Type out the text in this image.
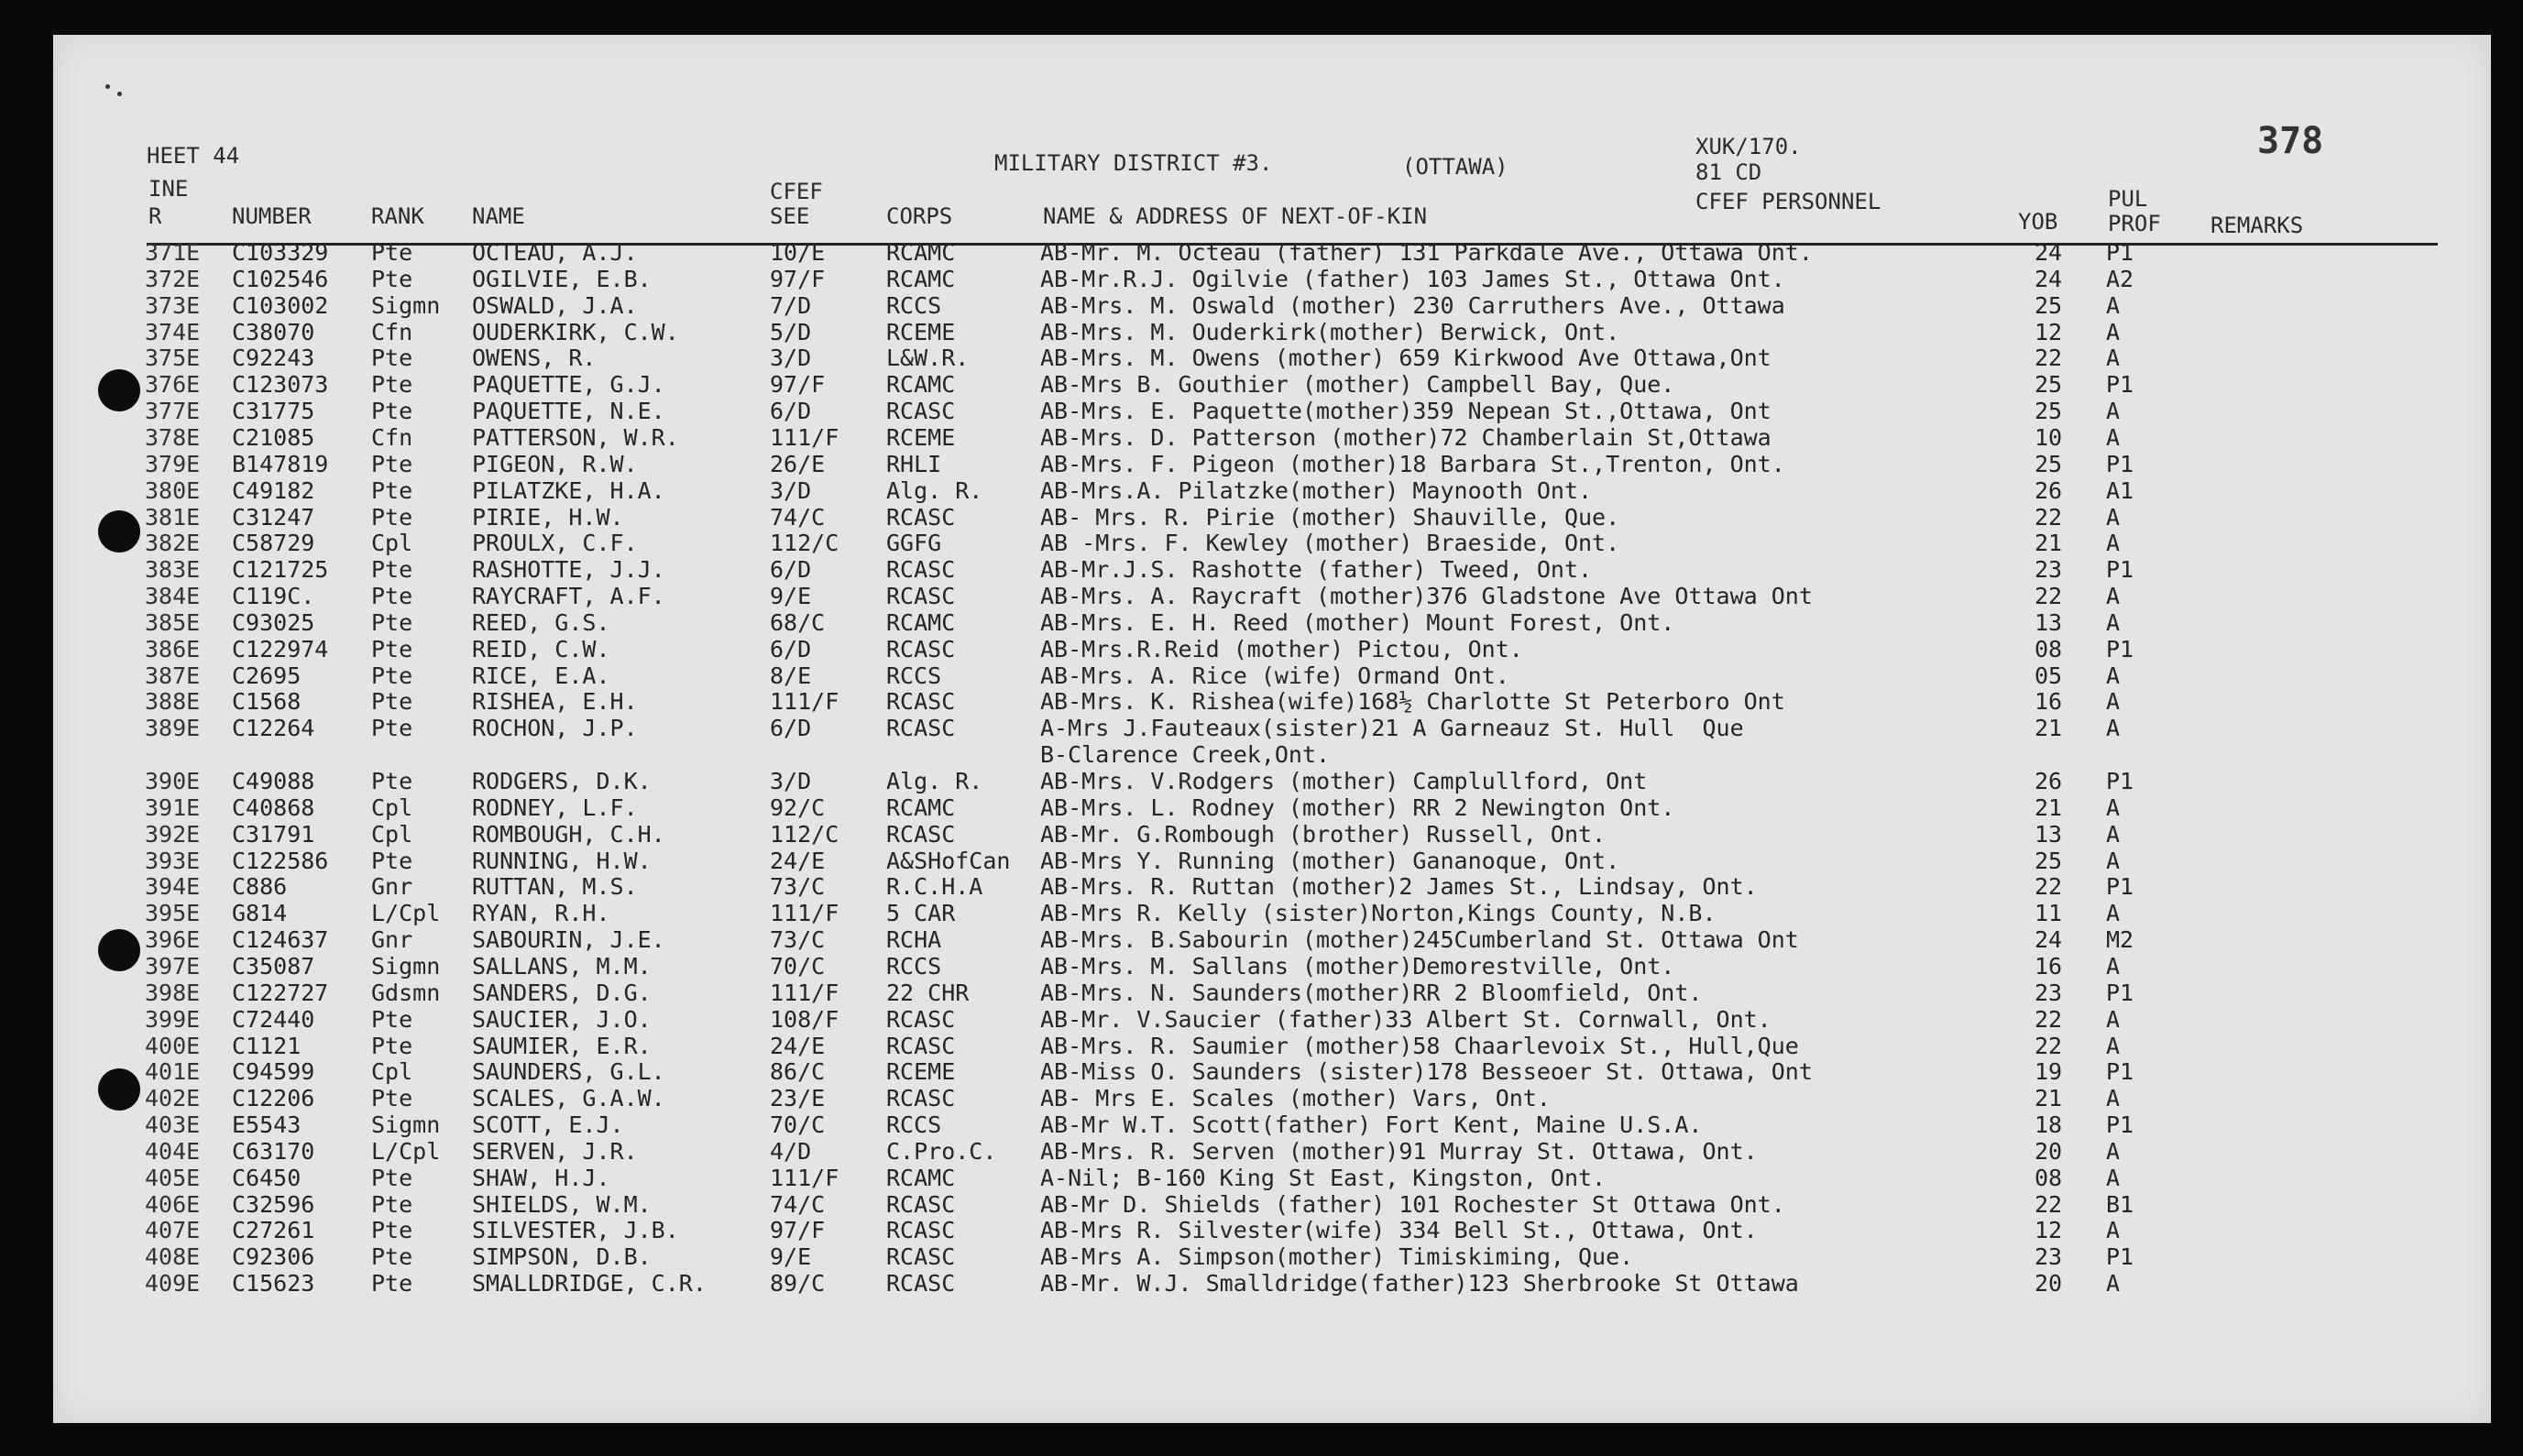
HEET 44	MILITARY DISTRICT #3.	(OTTAWA)
XUK/170.
81 CD
CFEF PERSONNEL
378
INE
R	NUMBER	RANK NAME
CFEF
SEE	CORPS	NAME & ADDRESS OF NEXT-OF-KIN	YOB
PUL
PROF REMARKS
371E C103329 Pte	OCTEAU, A.J.	10/E	RCAMC	AB-Mr. M. Octeau (father) 131 Parkdale Ave., Ottawa Ont.	24 P1
372E C102546 Pte	OGILVIE, E.B.	97/F	RCAMC	AB-Mr.R.J. Ogilvie (father) 103 James St., Ottawa Ont.	24 A2
373E C103002 Sigmn OSWALD, J.A.	7/D	RCCS	AB-Mrs. M. Oswald (mother) 230 Carruthers Ave., Ottawa	25 A
374E C38070 Cfn	OUDERKIRK, C.W.	5/D	RCEME	AB-Mrs. M. Ouderkirk(mother) Berwick, Ont.	12 A
375E C92243 Pte	OWENS, R.	3/D	L&W.R.	AB-Mrs. M. Owens (mother) 659 Kirkwood Ave Ottawa,Ont	22 A
376E C123073 Pte	PAQUETTE, G.J.	97/F	RCAMC	AB-Mrs B. Gouthier (mother) Campbell Bay, Que.	25 P1
377E C31775 Pte	PAQUETTE, N.E.	6/D	RCASC	AB-Mrs. E. Paquette(mother)359 Nepean St.,Ottawa, Ont	25 A
378E C21085 Cfn	PATTERSON, W.R.	111/F RCEME	AB-Mrs. D. Patterson (mother)72 Chamberlain St,Ottawa	10 A
379E B147819 Pte	PIGEON, R.W.	26/E	RHLI	AB-Mrs. F. Pigeon (mother)18 Barbara St.,Trenton, Ont.	25 P1
380E C49182 Pte	PILATZKE, H.A.	3/D	Alg. R.	AB-Mrs.A. Pilatzke(mother) Maynooth Ont.	26 A1
381E C31247 Pte	PIRIE, H.W.	74/C	RCASC	AB- Mrs. R. Pirie (mother) Shauville, Que.	22 A
382E C58729 Cpl	PROULX, C.F.	112/C GGFG	AB -Mrs. F. Kewley (mother) Braeside, Ont.	21 A
383E C121725 Pte	RASHOTTE, J.J.	6/D	RCASC	AB-Mr.J.S. Rashotte (father) Tweed, Ont.	23 P1
384E C119C. Pte	RAYCRAFT, A.F.	9/E	RCASC	AB-Mrs. A. Raycraft (mother)376 Gladstone Ave Ottawa Ont	22 A
385E C93025 Pte	REED, G.S.	68/C	RCAMC	AB-Mrs. E. H. Reed (mother) Mount Forest, Ont.	13 A
386E C122974 Pte	REID, C.W.	6/D	RCASC	AB-Mrs.R.Reid (mother) Pictou, Ont.	08 P1
387E C2695	Pte	RICE, E.A.	8/E	RCCS	AB-Mrs. A. Rice (wife) Ormand Ont.	05 A
388E C1568	Pte	RISHEA, E.H.	111/F RCASC	AB-Mrs. K. Rishea(wife)168½ Charlotte St Peterboro Ont	16 A
389E C12264 Pte	ROCHON, J.P.	6/D	RCASC	A-Mrs J.Fauteaux(sister)21 A Garneauz St. Hull  Que	21 A
B-Clarence Creek,Ont.
390E C49088 Pte	RODGERS, D.K.	3/D	Alg. R.	AB-Mrs. V.Rodgers (mother) Camplullford, Ont	26 P1
391E C40868 Cpl	RODNEY, L.F.	92/C	RCAMC	AB-Mrs. L. Rodney (mother) RR 2 Newington Ont.	21 A
392E C31791 Cpl	ROMBOUGH, C.H.	112/C RCASC	AB-Mr. G.Rombough (brother) Russell, Ont.	13 A
393E C122586 Pte	RUNNING, H.W.	24/E	A&SHofCan AB-Mrs Y. Running (mother) Gananoque, Ont.	25 A
394E C886	Gnr	RUTTAN, M.S.	73/C	R.C.H.A	AB-Mrs. R. Ruttan (mother)2 James St., Lindsay, Ont.	22 P1
395E G814	L/Cpl RYAN, R.H.	111/F 5 CAR	AB-Mrs R. Kelly (sister)Norton,Kings County, N.B.	11 A
396E C124637 Gnr	SABOURIN, J.E.	73/C	RCHA	AB-Mrs. B.Sabourin (mother)245Cumberland St. Ottawa Ont	24 M2
397E C35087 Sigmn SALLANS, M.M.	70/C	RCCS	AB-Mrs. M. Sallans (mother)Demorestville, Ont.	16 A
398E C122727 Gdsmn SANDERS, D.G.	111/F 22 CHR	AB-Mrs. N. Saunders(mother)RR 2 Bloomfield, Ont.	23 P1
399E C72440 Pte	SAUCIER, J.O.	108/F RCASC	AB-Mr. V.Saucier (father)33 Albert St. Cornwall, Ont.	22 A
400E C1121	Pte	SAUMIER, E.R.	24/E	RCASC	AB-Mrs. R. Saumier (mother)58 Chaarlevoix St., Hull,Que	22 A
401E C94599 Cpl	SAUNDERS, G.L.	86/C	RCEME	AB-Miss O. Saunders (sister)178 Besseoer St. Ottawa, Ont	19 P1
402E C12206 Pte	SCALES, G.A.W.	23/E	RCASC	AB- Mrs E. Scales (mother) Vars, Ont.	21 A
403E E5543	Sigmn SCOTT, E.J.	70/C	RCCS	AB-Mr W.T. Scott(father) Fort Kent, Maine U.S.A.	18 P1
404E C63170 L/Cpl SERVEN, J.R.	4/D	C.Pro.C. AB-Mrs. R. Serven (mother)91 Murray St. Ottawa, Ont.	20 A
405E C6450	Pte	SHAW, H.J.	111/F RCAMC	A-Nil; B-160 King St East, Kingston, Ont.	08 A
406E C32596 Pte	SHIELDS, W.M.	74/C	RCASC	AB-Mr D. Shields (father) 101 Rochester St Ottawa Ont.	22 B1
407E C27261 Pte	SILVESTER, J.B.	97/F	RCASC	AB-Mrs R. Silvester(wife) 334 Bell St., Ottawa, Ont.	12 A
408E C92306 Pte	SIMPSON, D.B.	9/E	RCASC	AB-Mrs A. Simpson(mother) Timiskiming, Que.	23 P1
409E C15623 Pte	SMALLDRIDGE, C.R.	89/C	RCASC	AB-Mr. W.J. Smalldridge(father)123 Sherbrooke St Ottawa	20 A
